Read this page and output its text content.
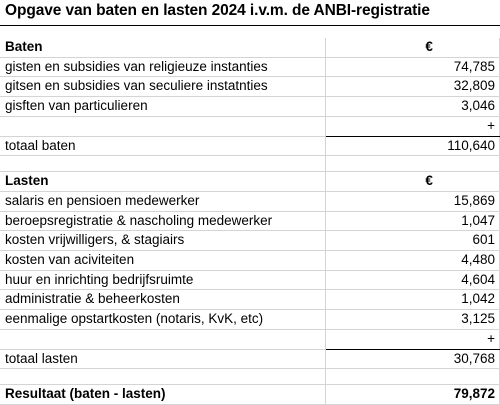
Opgave van baten en lasten 2024 i.v.m. de ANBI-registratie
Baten	€
gisten en subsidies van religieuze instanties	74,785
gitsen en subsidies van seculiere instatnties	32,809
gisften van particulieren	3,046
	+
totaal baten	110,640

Lasten	€
salaris en pensioen medewerker	15,869
beroepsregistratie & nascholing medewerker	1,047
kosten vrijwilligers, & stagiairs	601
kosten van aciviteiten	4,480
huur en inrichting bedrijfsruimte	4,604
administratie & beheerkosten	1,042
eenmalige opstartkosten (notaris, KvK, etc)	3,125
	+
totaal lasten	30,768

Resultaat (baten - lasten)	79,872
